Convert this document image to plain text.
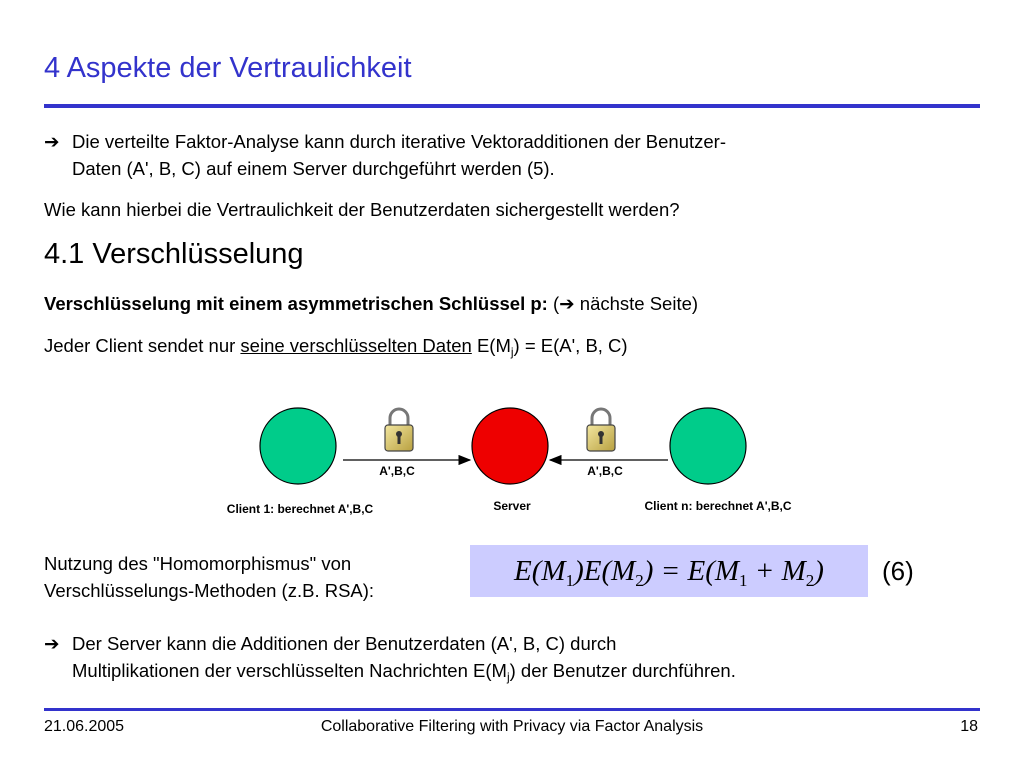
4 Aspekte der Vertraulichkeit
➔ Die verteilte Faktor-Analyse kann durch iterative Vektoradditionen der Benutzer-
Daten (A', B, C) auf einem Server durchgeführt werden (5).
Wie kann hierbei die Vertraulichkeit der Benutzerdaten sichergestellt werden?
4.1 Verschlüsselung
Verschlüsselung mit einem asymmetrischen Schlüssel p: (➔ nächste Seite)
Jeder Client sendet nur seine verschlüsselten Daten $E(M_j) = E(A'$, B, C)
A',B,C	A',B,C
Client 1: berechnet A',B,C	Server	Client n: berechnet A',B,C
Nutzung des "Homomorphismus" von
Verschlüsselungs-Methoden (z.B. RSA):
$E(M_1)E(M_2) = E(M_1 + M_2)$	(6)
➔ Der Server kann die Additionen der Benutzerdaten (A', B, C) durch
Multiplikationen der verschlüsselten Nachrichten $E(M_j)$ der Benutzer durchführen.
21.06.2005	Collaborative Filtering with Privacy via Factor Analysis	18
